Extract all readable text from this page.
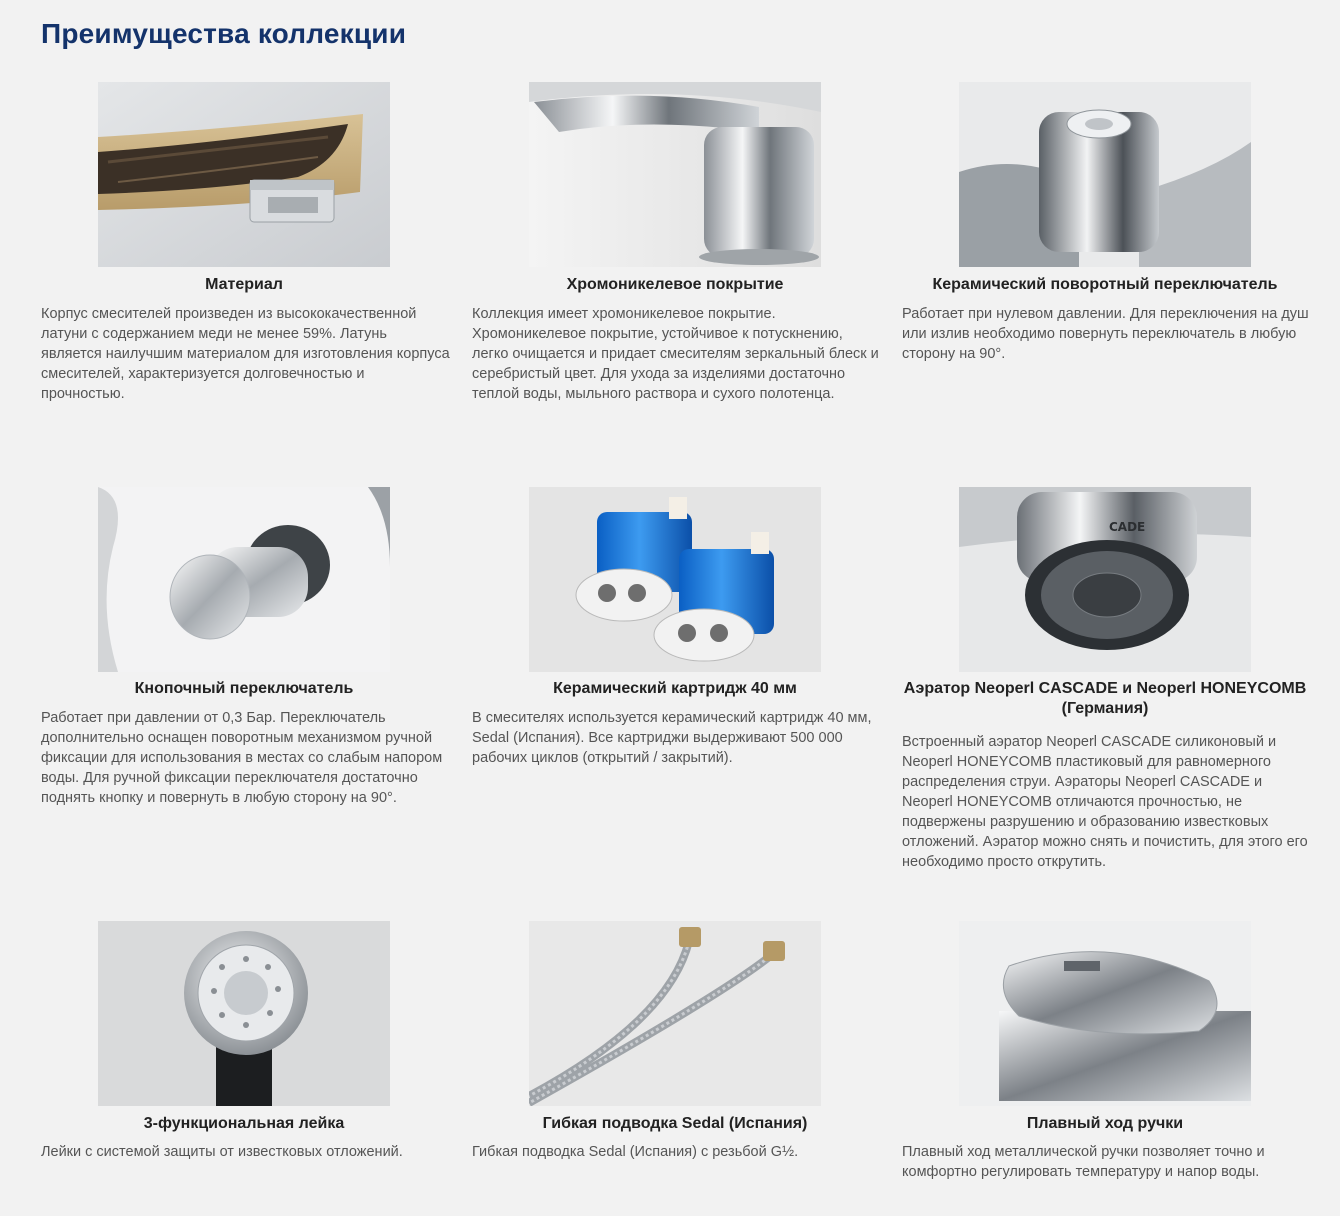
Преимущества коллекции
Материал
Корпус смесителей произведен из высококачественной латуни с содержанием меди не менее 59%. Латунь является наилучшим материалом для изготовления корпуса смесителей, характеризуется долговечностью и прочностью.
Хромоникелевое покрытие
Коллекция имеет хромоникелевое покрытие. Хромоникелевое покрытие, устойчивое к потускнению, легко очищается и придает смесителям зеркальный блеск и серебристый цвет. Для ухода за изделиями достаточно теплой воды, мыльного раствора и сухого полотенца.
Керамический поворотный переключатель
Работает при нулевом давлении. Для переключения на душ или излив необходимо повернуть переключатель в любую сторону на 90°.
Кнопочный переключатель
Работает при давлении от 0,3 Бар. Переключатель дополнительно оснащен поворотным механизмом ручной фиксации для использования в местах со слабым напором воды. Для ручной фиксации переключателя достаточно поднять кнопку и повернуть в любую сторону на 90°.
Керамический картридж 40 мм
В смесителях используется керамический картридж 40 мм, Sedal (Испания). Все картриджи выдерживают 500 000 рабочих циклов (открытий / закрытий).
CADE
Аэратор Neoperl CASCADE и Neoperl HONEYCOMB (Германия)
Встроенный аэратор Neoperl CASCADE силиконовый и Neoperl HONEYCOMB пластиковый для равномерного распределения струи. Аэраторы Neoperl CASCADE и Neoperl HONEYCOMB отличаются прочностью, не подвержены разрушению и образованию известковых отложений. Аэратор можно снять и почистить, для этого его необходимо просто открутить.
3-функциональная лейка
Лейки с системой защиты от известковых отложений.
Гибкая подводка Sedal (Испания)
Гибкая подводка Sedal (Испания) с резьбой G½.
Плавный ход ручки
Плавный ход металлической ручки позволяет точно и комфортно регулировать температуру и напор воды.
